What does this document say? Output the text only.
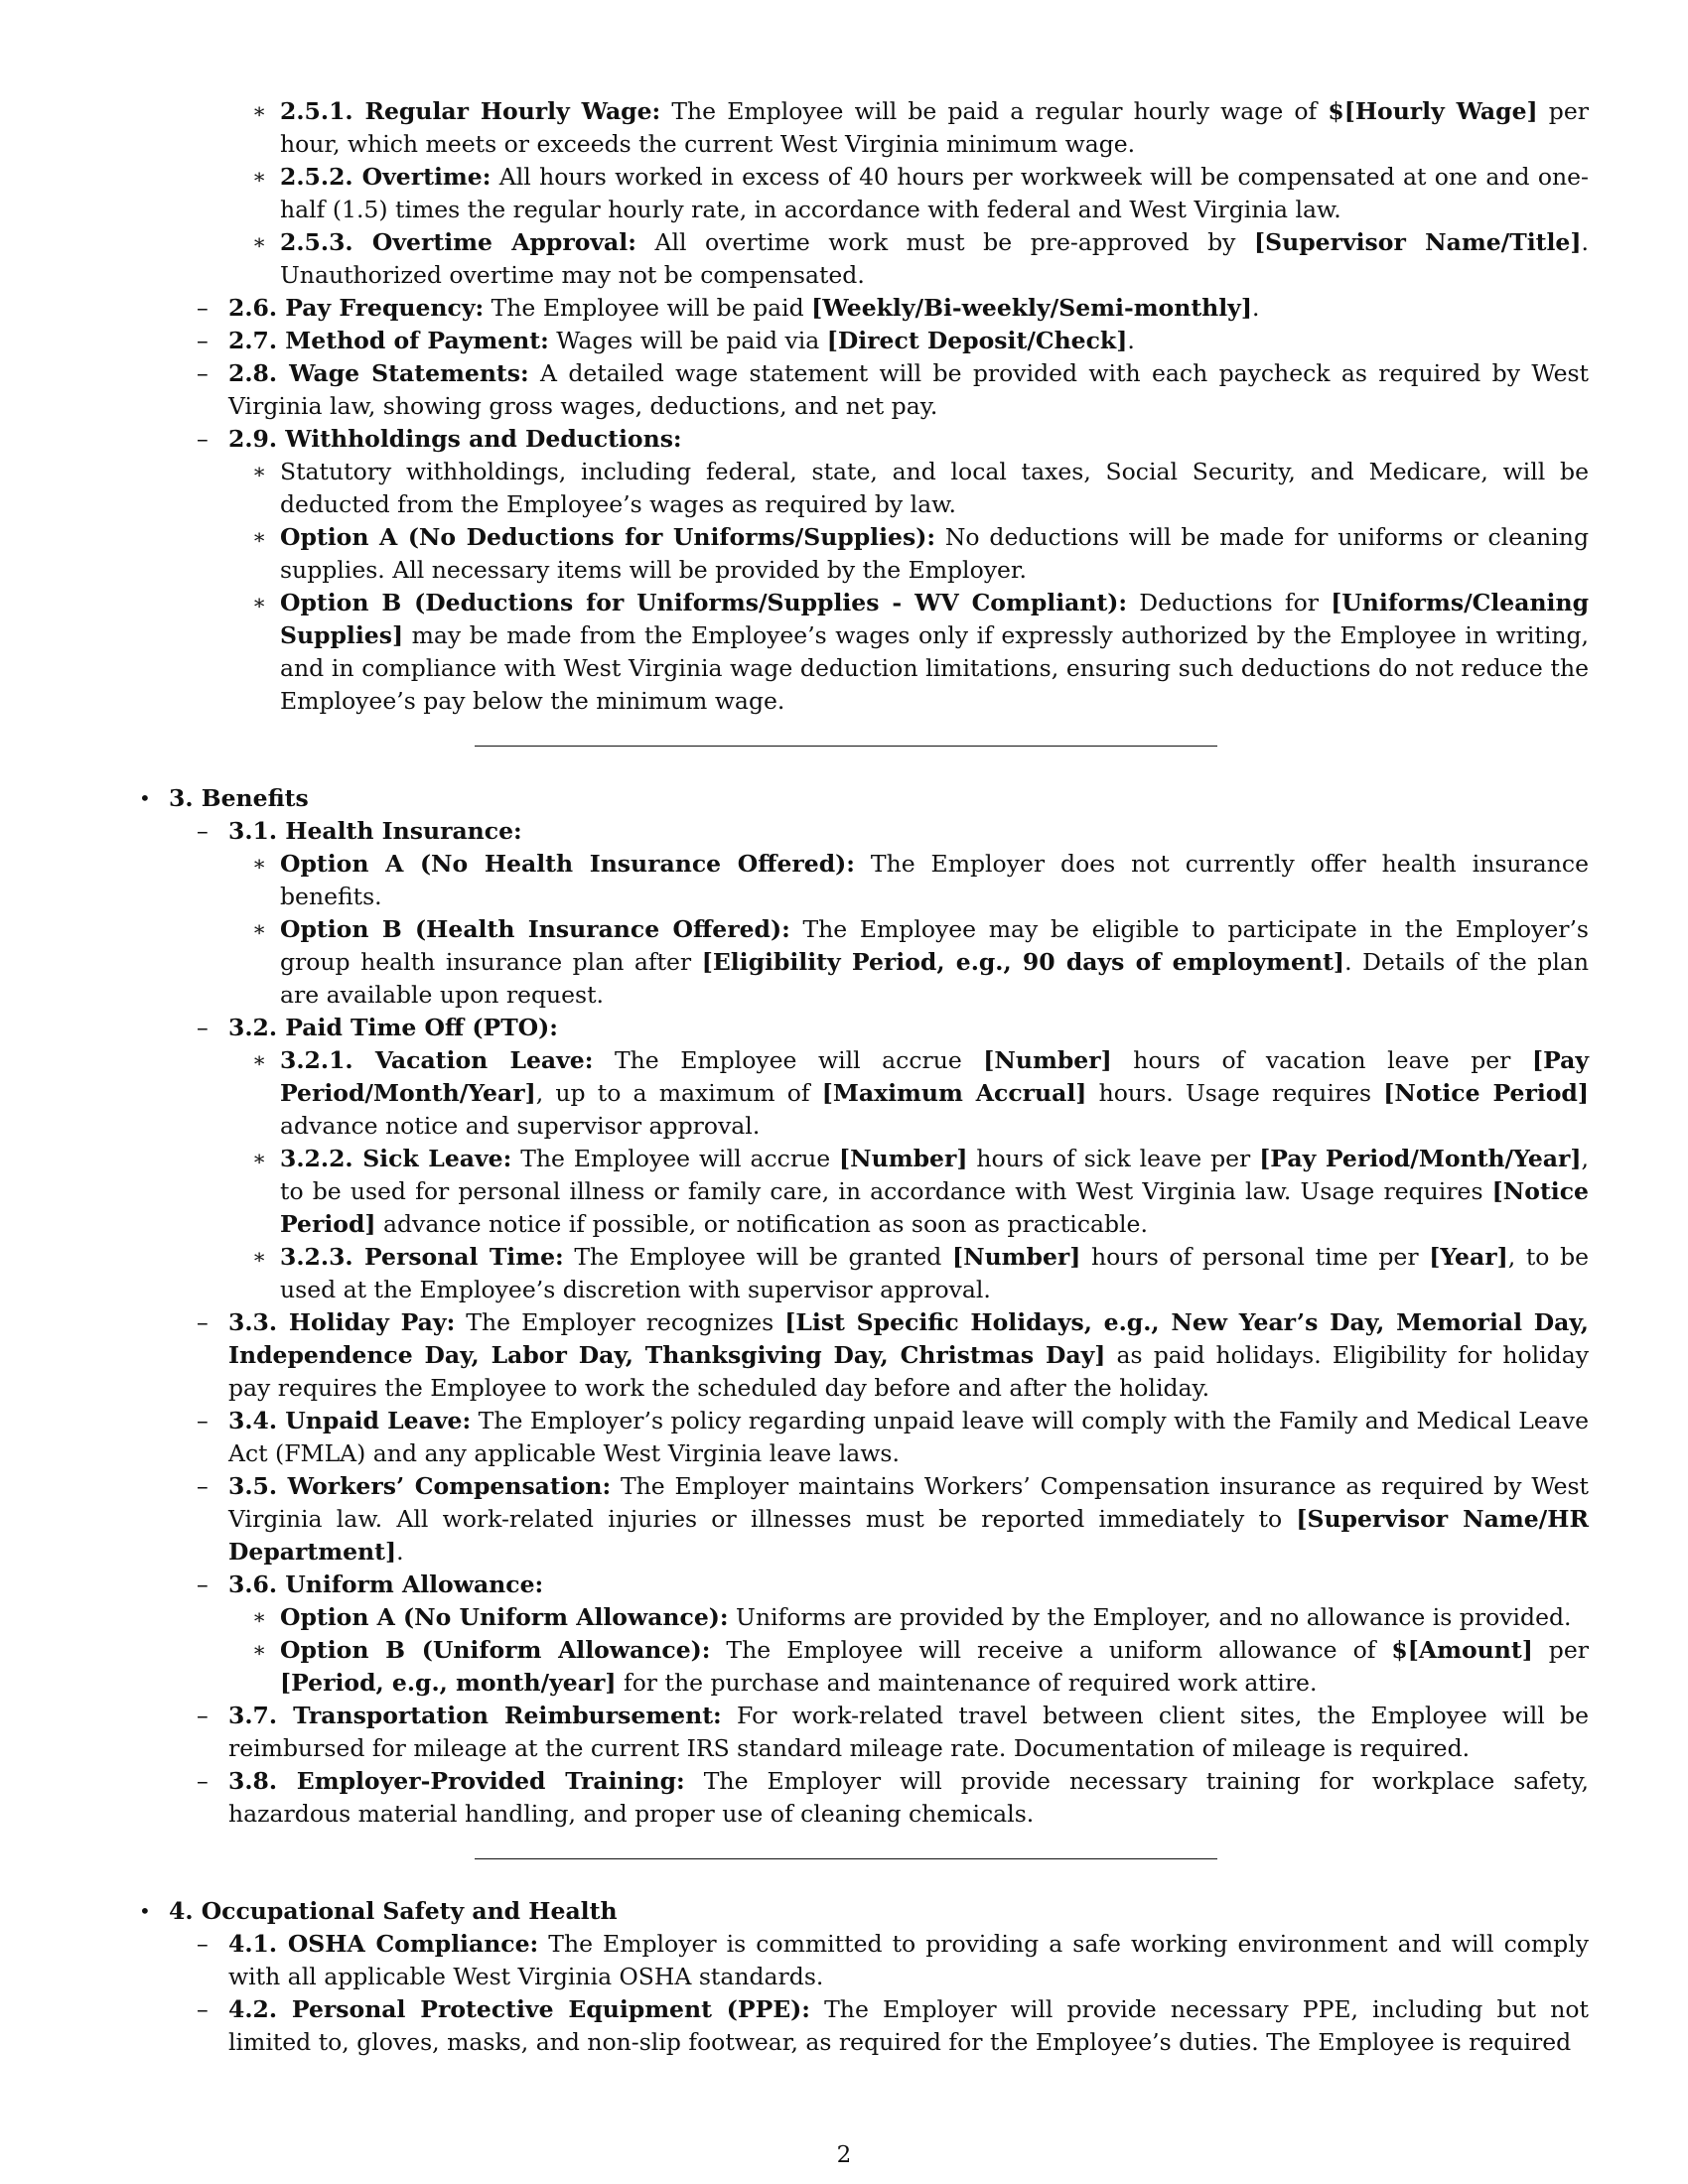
∗ 2.5.1. Regular Hourly Wage: The Employee will be paid a regular hourly wage of $[Hourly Wage] per hour, which meets or exceeds the current West Virginia minimum wage.
∗ 2.5.2. Overtime: All hours worked in excess of 40 hours per workweek will be compensated at one and one-half (1.5) times the regular hourly rate, in accordance with federal and West Virginia law.
∗ 2.5.3. Overtime Approval: All overtime work must be pre-approved by [Supervisor Name/Title]. Unauthorized overtime may not be compensated.
– 2.6. Pay Frequency: The Employee will be paid [Weekly/Bi-weekly/Semi-monthly].
– 2.7. Method of Payment: Wages will be paid via [Direct Deposit/Check].
– 2.8. Wage Statements: A detailed wage statement will be provided with each paycheck as required by West Virginia law, showing gross wages, deductions, and net pay.
– 2.9. Withholdings and Deductions:
∗ Statutory withholdings, including federal, state, and local taxes, Social Security, and Medicare, will be deducted from the Employee’s wages as required by law.
∗ Option A (No Deductions for Uniforms/Supplies): No deductions will be made for uniforms or cleaning supplies. All necessary items will be provided by the Employer.
∗ Option B (Deductions for Uniforms/Supplies - WV Compliant): Deductions for [Uniforms/Cleaning Supplies] may be made from the Employee’s wages only if expressly authorized by the Employee in writing, and in compliance with West Virginia wage deduction limitations, ensuring such deductions do not reduce the Employee’s pay below the minimum wage.
• 3. Benefits
– 3.1. Health Insurance:
∗ Option A (No Health Insurance Offered): The Employer does not currently offer health insurance benefits.
∗ Option B (Health Insurance Offered): The Employee may be eligible to participate in the Employer’s group health insurance plan after [Eligibility Period, e.g., 90 days of employment]. Details of the plan are available upon request.
– 3.2. Paid Time Off (PTO):
∗ 3.2.1. Vacation Leave: The Employee will accrue [Number] hours of vacation leave per [Pay Period/Month/Year], up to a maximum of [Maximum Accrual] hours. Usage requires [Notice Period] advance notice and supervisor approval.
∗ 3.2.2. Sick Leave: The Employee will accrue [Number] hours of sick leave per [Pay Period/Month/Year], to be used for personal illness or family care, in accordance with West Virginia law. Usage requires [Notice Period] advance notice if possible, or notification as soon as practicable.
∗ 3.2.3. Personal Time: The Employee will be granted [Number] hours of personal time per [Year], to be used at the Employee’s discretion with supervisor approval.
– 3.3. Holiday Pay: The Employer recognizes [List Specific Holidays, e.g., New Year’s Day, Memorial Day, Independence Day, Labor Day, Thanksgiving Day, Christmas Day] as paid holidays. Eligibility for holiday pay requires the Employee to work the scheduled day before and after the holiday.
– 3.4. Unpaid Leave: The Employer’s policy regarding unpaid leave will comply with the Family and Medical Leave Act (FMLA) and any applicable West Virginia leave laws.
– 3.5. Workers’ Compensation: The Employer maintains Workers’ Compensation insurance as required by West Virginia law. All work-related injuries or illnesses must be reported immediately to [Supervisor Name/HR Department].
– 3.6. Uniform Allowance:
∗ Option A (No Uniform Allowance): Uniforms are provided by the Employer, and no allowance is provided.
∗ Option B (Uniform Allowance): The Employee will receive a uniform allowance of $[Amount] per [Period, e.g., month/year] for the purchase and maintenance of required work attire.
– 3.7. Transportation Reimbursement: For work-related travel between client sites, the Employee will be reimbursed for mileage at the current IRS standard mileage rate. Documentation of mileage is required.
– 3.8. Employer-Provided Training: The Employer will provide necessary training for workplace safety, hazardous material handling, and proper use of cleaning chemicals.
• 4. Occupational Safety and Health
– 4.1. OSHA Compliance: The Employer is committed to providing a safe working environment and will comply with all applicable West Virginia OSHA standards.
– 4.2. Personal Protective Equipment (PPE): The Employer will provide necessary PPE, including but not limited to, gloves, masks, and non-slip footwear, as required for the Employee’s duties. The Employee is required
2
